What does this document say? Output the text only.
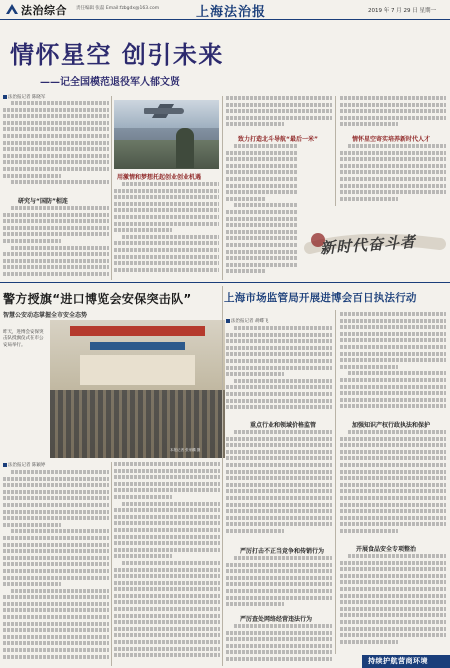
法治综合 责任编辑 张磊 Email:fzbgdx@163.com	上海法治报	2019 年 7 月 29 日 星期一
情怀星空 创引未来
——记全国模范退役军人郁文贤
法治报记者 陈晓军
研究与“国防”相连
用激情和梦想托起创业创业机遇
致力打造北斗导航“最后一米”	情怀星空寄实培养新时代人才
新时代奋斗者
警方授旗“进口博览会安保突击队”
智慧公安动态掌握全市安全态势
本报记者 张家麟 摄
昨天，进博会安保突击队授旗仪式在市公安局举行。
法治报记者 陈颖婷
上海市场监管局开展进博会百日执法行动
法治报记者 胡蝶飞
重点行业和领域价格监管
严厉打击不正当竞争和传销行为
严厉查处网络经营违法行为
加强知识产权行政执法和保护
开展食品安全专项整治
持续护航营商环境
